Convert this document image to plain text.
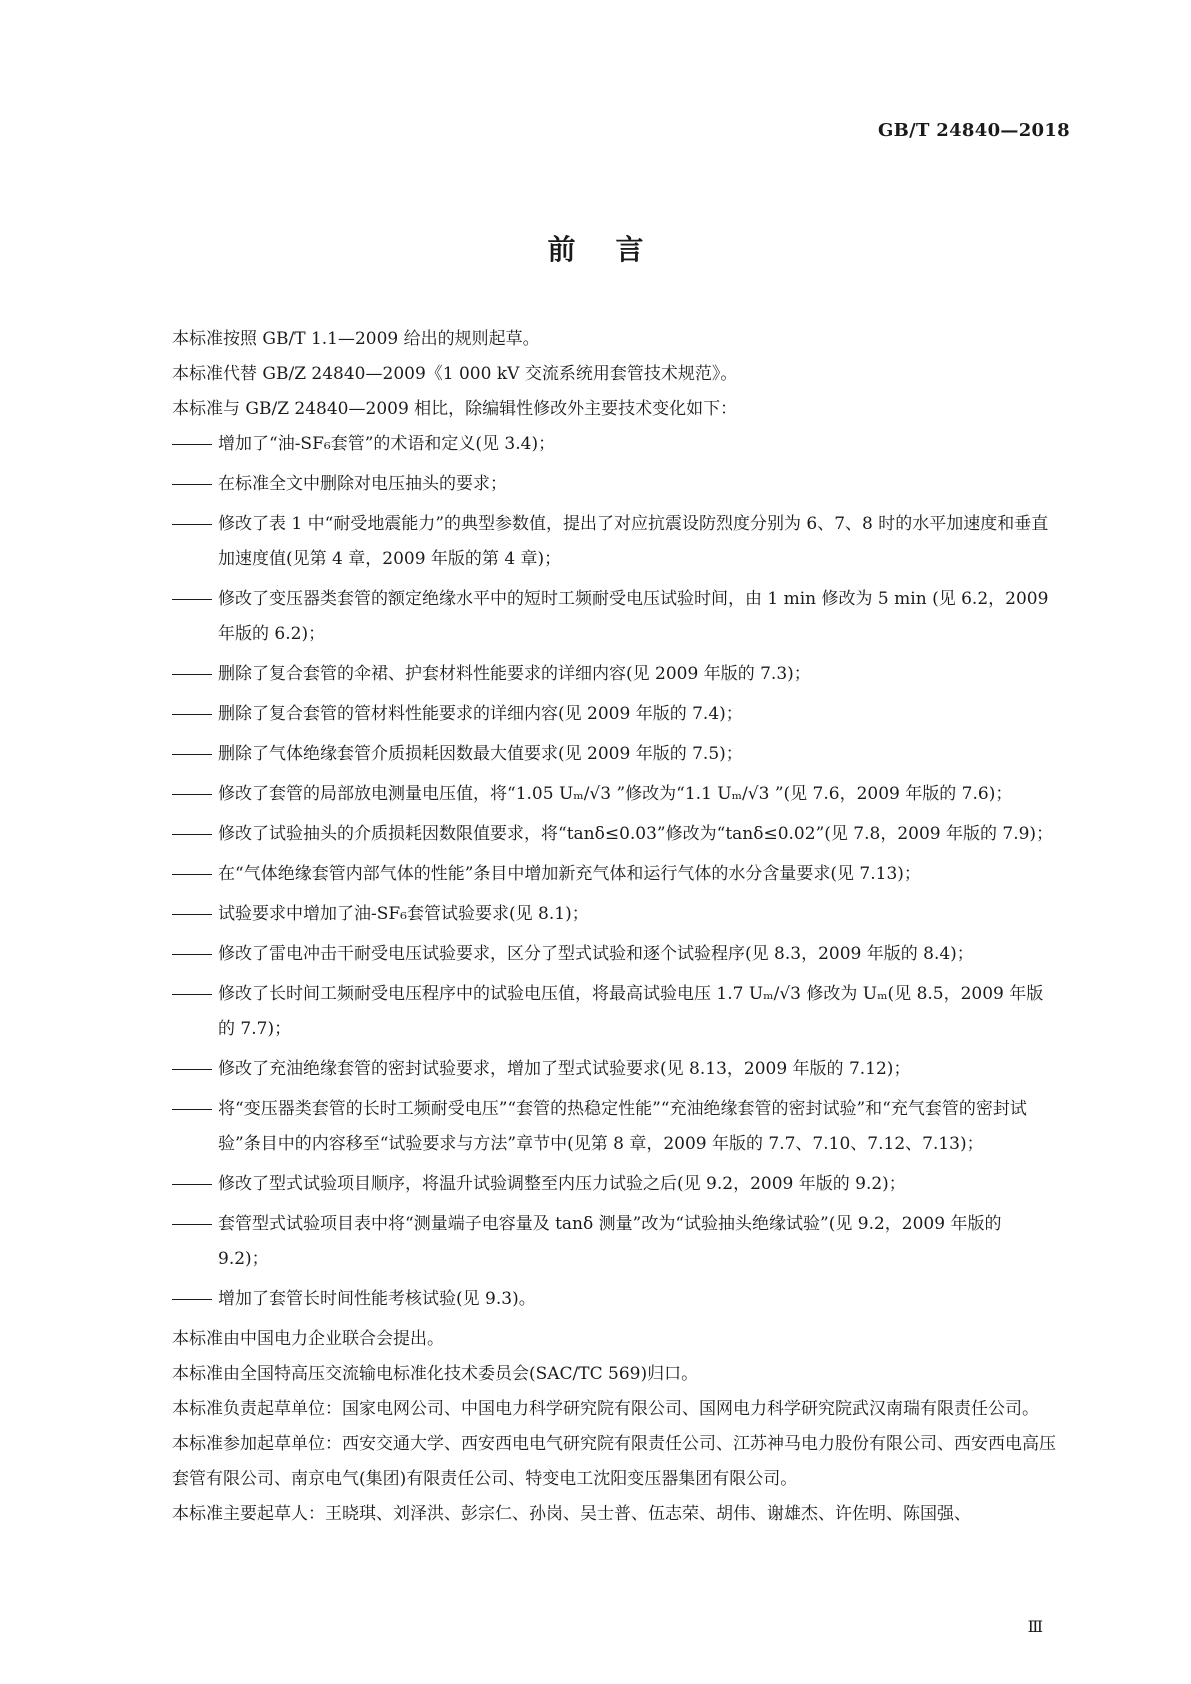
GB/T 24840—2018
前言

本标准按照 GB/T 1.1—2009 给出的规则起草。

本标准代替 GB/Z 24840—2009《1 000 kV 交流系统用套管技术规范》。

本标准与 GB/Z 24840—2009 相比，除编辑性修改外主要技术变化如下：

增加了“油-SF₆套管”的术语和定义(见 3.4)；

在标准全文中删除对电压抽头的要求；

修改了表 1 中“耐受地震能力”的典型参数值，提出了对应抗震设防烈度分别为 6、7、8 时的水平加速度和垂直加速度值(见第 4 章，2009 年版的第 4 章)；

修改了变压器类套管的额定绝缘水平中的短时工频耐受电压试验时间，由 1 min 修改为 5 min (见 6.2，2009 年版的 6.2)；

删除了复合套管的伞裙、护套材料性能要求的详细内容(见 2009 年版的 7.3)；

删除了复合套管的管材料性能要求的详细内容(见 2009 年版的 7.4)；

删除了气体绝缘套管介质损耗因数最大值要求(见 2009 年版的 7.5)；

修改了套管的局部放电测量电压值，将“1.05 Uₘ/√3 ”修改为“1.1 Uₘ/√3 ”(见 7.6，2009 年版的 7.6)；

修改了试验抽头的介质损耗因数限值要求，将“tanδ≤0.03”修改为“tanδ≤0.02”(见 7.8，2009 年版的 7.9)；

在“气体绝缘套管内部气体的性能”条目中增加新充气体和运行气体的水分含量要求(见 7.13)；

试验要求中增加了油-SF₆套管试验要求(见 8.1)；

修改了雷电冲击干耐受电压试验要求，区分了型式试验和逐个试验程序(见 8.3，2009 年版的 8.4)；

修改了长时间工频耐受电压程序中的试验电压值，将最高试验电压 1.7 Uₘ/√3 修改为 Uₘ(见 8.5，2009 年版的 7.7)；

修改了充油绝缘套管的密封试验要求，增加了型式试验要求(见 8.13，2009 年版的 7.12)；

将“变压器类套管的长时工频耐受电压”“套管的热稳定性能”“充油绝缘套管的密封试验”和“充气套管的密封试验”条目中的内容移至“试验要求与方法”章节中(见第 8 章，2009 年版的 7.7、7.10、7.12、7.13)；

修改了型式试验项目顺序，将温升试验调整至内压力试验之后(见 9.2，2009 年版的 9.2)；

套管型式试验项目表中将“测量端子电容量及 tanδ 测量”改为“试验抽头绝缘试验”(见 9.2，2009 年版的 9.2)；

增加了套管长时间性能考核试验(见 9.3)。

本标准由中国电力企业联合会提出。

本标准由全国特高压交流输电标准化技术委员会(SAC/TC 569)归口。

本标准负责起草单位：国家电网公司、中国电力科学研究院有限公司、国网电力科学研究院武汉南瑞有限责任公司。

本标准参加起草单位：西安交通大学、西安西电电气研究院有限责任公司、江苏神马电力股份有限公司、西安西电高压套管有限公司、南京电气(集团)有限责任公司、特变电工沈阳变压器集团有限公司。

本标准主要起草人：王晓琪、刘泽洪、彭宗仁、孙岗、吴士普、伍志荣、胡伟、谢雄杰、许佐明、陈国强、

Ⅲ
